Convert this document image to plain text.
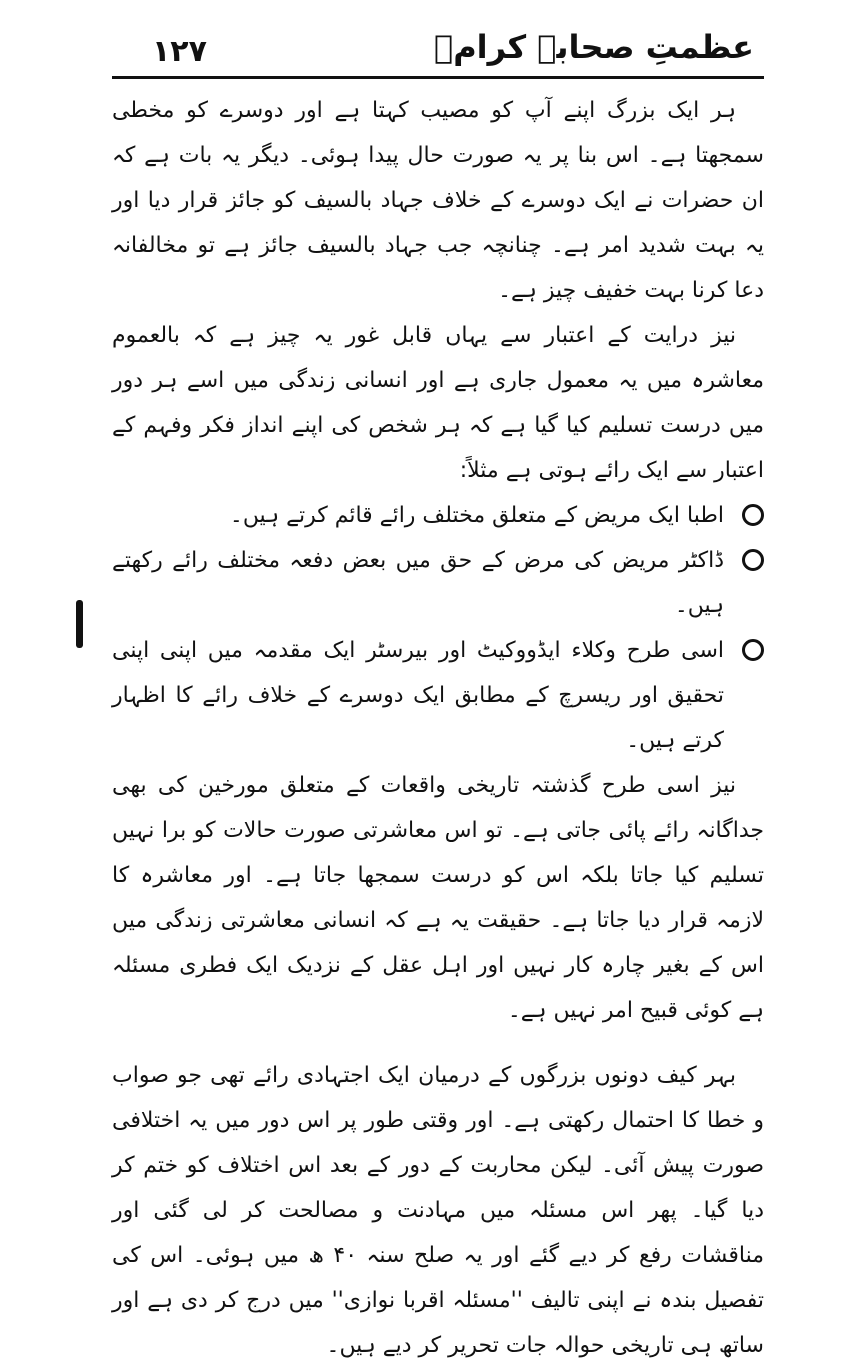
۱۲۷	عظمتِ صحابہ کرامؓ

ہر ایک بزرگ اپنے آپ کو مصیب کہتا ہے اور دوسرے کو مخطی سمجھتا ہے۔ اس بنا پر یہ صورت حال پیدا ہوئی۔ دیگر یہ بات ہے کہ ان حضرات نے ایک دوسرے کے خلاف جہاد بالسیف کو جائز قرار دیا اور یہ بہت شدید امر ہے۔ چنانچہ جب جہاد بالسیف جائز ہے تو مخالفانہ دعا کرنا بہت خفیف چیز ہے۔

نیز درایت کے اعتبار سے یہاں قابل غور یہ چیز ہے کہ بالعموم معاشرہ میں یہ معمول جاری ہے اور انسانی زندگی میں اسے ہر دور میں درست تسلیم کیا گیا ہے کہ ہر شخص کی اپنے انداز فکر وفہم کے اعتبار سے ایک رائے ہوتی ہے مثلاً:

اطبا ایک مریض کے متعلق مختلف رائے قائم کرتے ہیں۔
ڈاکٹر مریض کی مرض کے حق میں بعض دفعہ مختلف رائے رکھتے ہیں۔
اسی طرح وکلاء ایڈووکیٹ اور بیرسٹر ایک مقدمہ میں اپنی اپنی تحقیق اور ریسرچ کے مطابق ایک دوسرے کے خلاف رائے کا اظہار کرتے ہیں۔

نیز اسی طرح گذشتہ تاریخی واقعات کے متعلق مورخین کی بھی جداگانہ رائے پائی جاتی ہے۔ تو اس معاشرتی صورت حالات کو برا نہیں تسلیم کیا جاتا بلکہ اس کو درست سمجھا جاتا ہے۔ اور معاشرہ کا لازمہ قرار دیا جاتا ہے۔ حقیقت یہ ہے کہ انسانی معاشرتی زندگی میں اس کے بغیر چارہ کار نہیں اور اہل عقل کے نزدیک ایک فطری مسئلہ ہے کوئی قبیح امر نہیں ہے۔

بہر کیف دونوں بزرگوں کے درمیان ایک اجتہادی رائے تھی جو صواب و خطا کا احتمال رکھتی ہے۔ اور وقتی طور پر اس دور میں یہ اختلافی صورت پیش آئی۔ لیکن محاربت کے دور کے بعد اس اختلاف کو ختم کر دیا گیا۔ پھر اس مسئلہ میں مہادنت و مصالحت کر لی گئی اور مناقشات رفع کر دیے گئے اور یہ صلح سنہ ۴۰ ھ میں ہوئی۔ اس کی تفصیل بندہ نے اپنی تالیف ''مسئلہ اقربا نوازی'' میں درج کر دی ہے اور ساتھ ہی تاریخی حوالہ جات تحریر کر دیے ہیں۔
